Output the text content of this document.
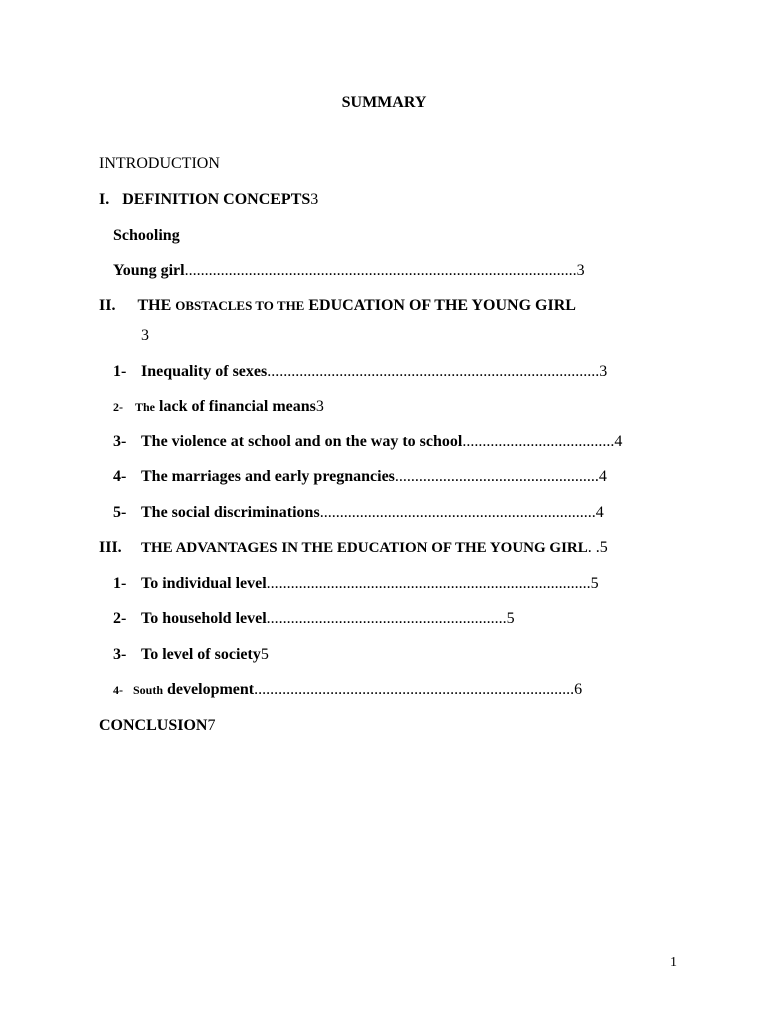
SUMMARY
INTRODUCTION
I. DEFINITION CONCEPTS3
Schooling
Young girl..................................................................................................3
II. THE OBSTACLES TO THE EDUCATION OF THE YOUNG GIRL
3
1- Inequality of sexes...................................................................................3
2- The lack of financial means3
3- The violence at school and on the way to school......................................4
4- The marriages and early pregnancies...................................................4
5- The social discriminations.....................................................................4
III. THE ADVANTAGES IN THE EDUCATION OF THE YOUNG GIRL. .5
1- To individual level.................................................................................5
2- To household level............................................................5
3- To level of society5
4- South development................................................................................6
CONCLUSION7
1
